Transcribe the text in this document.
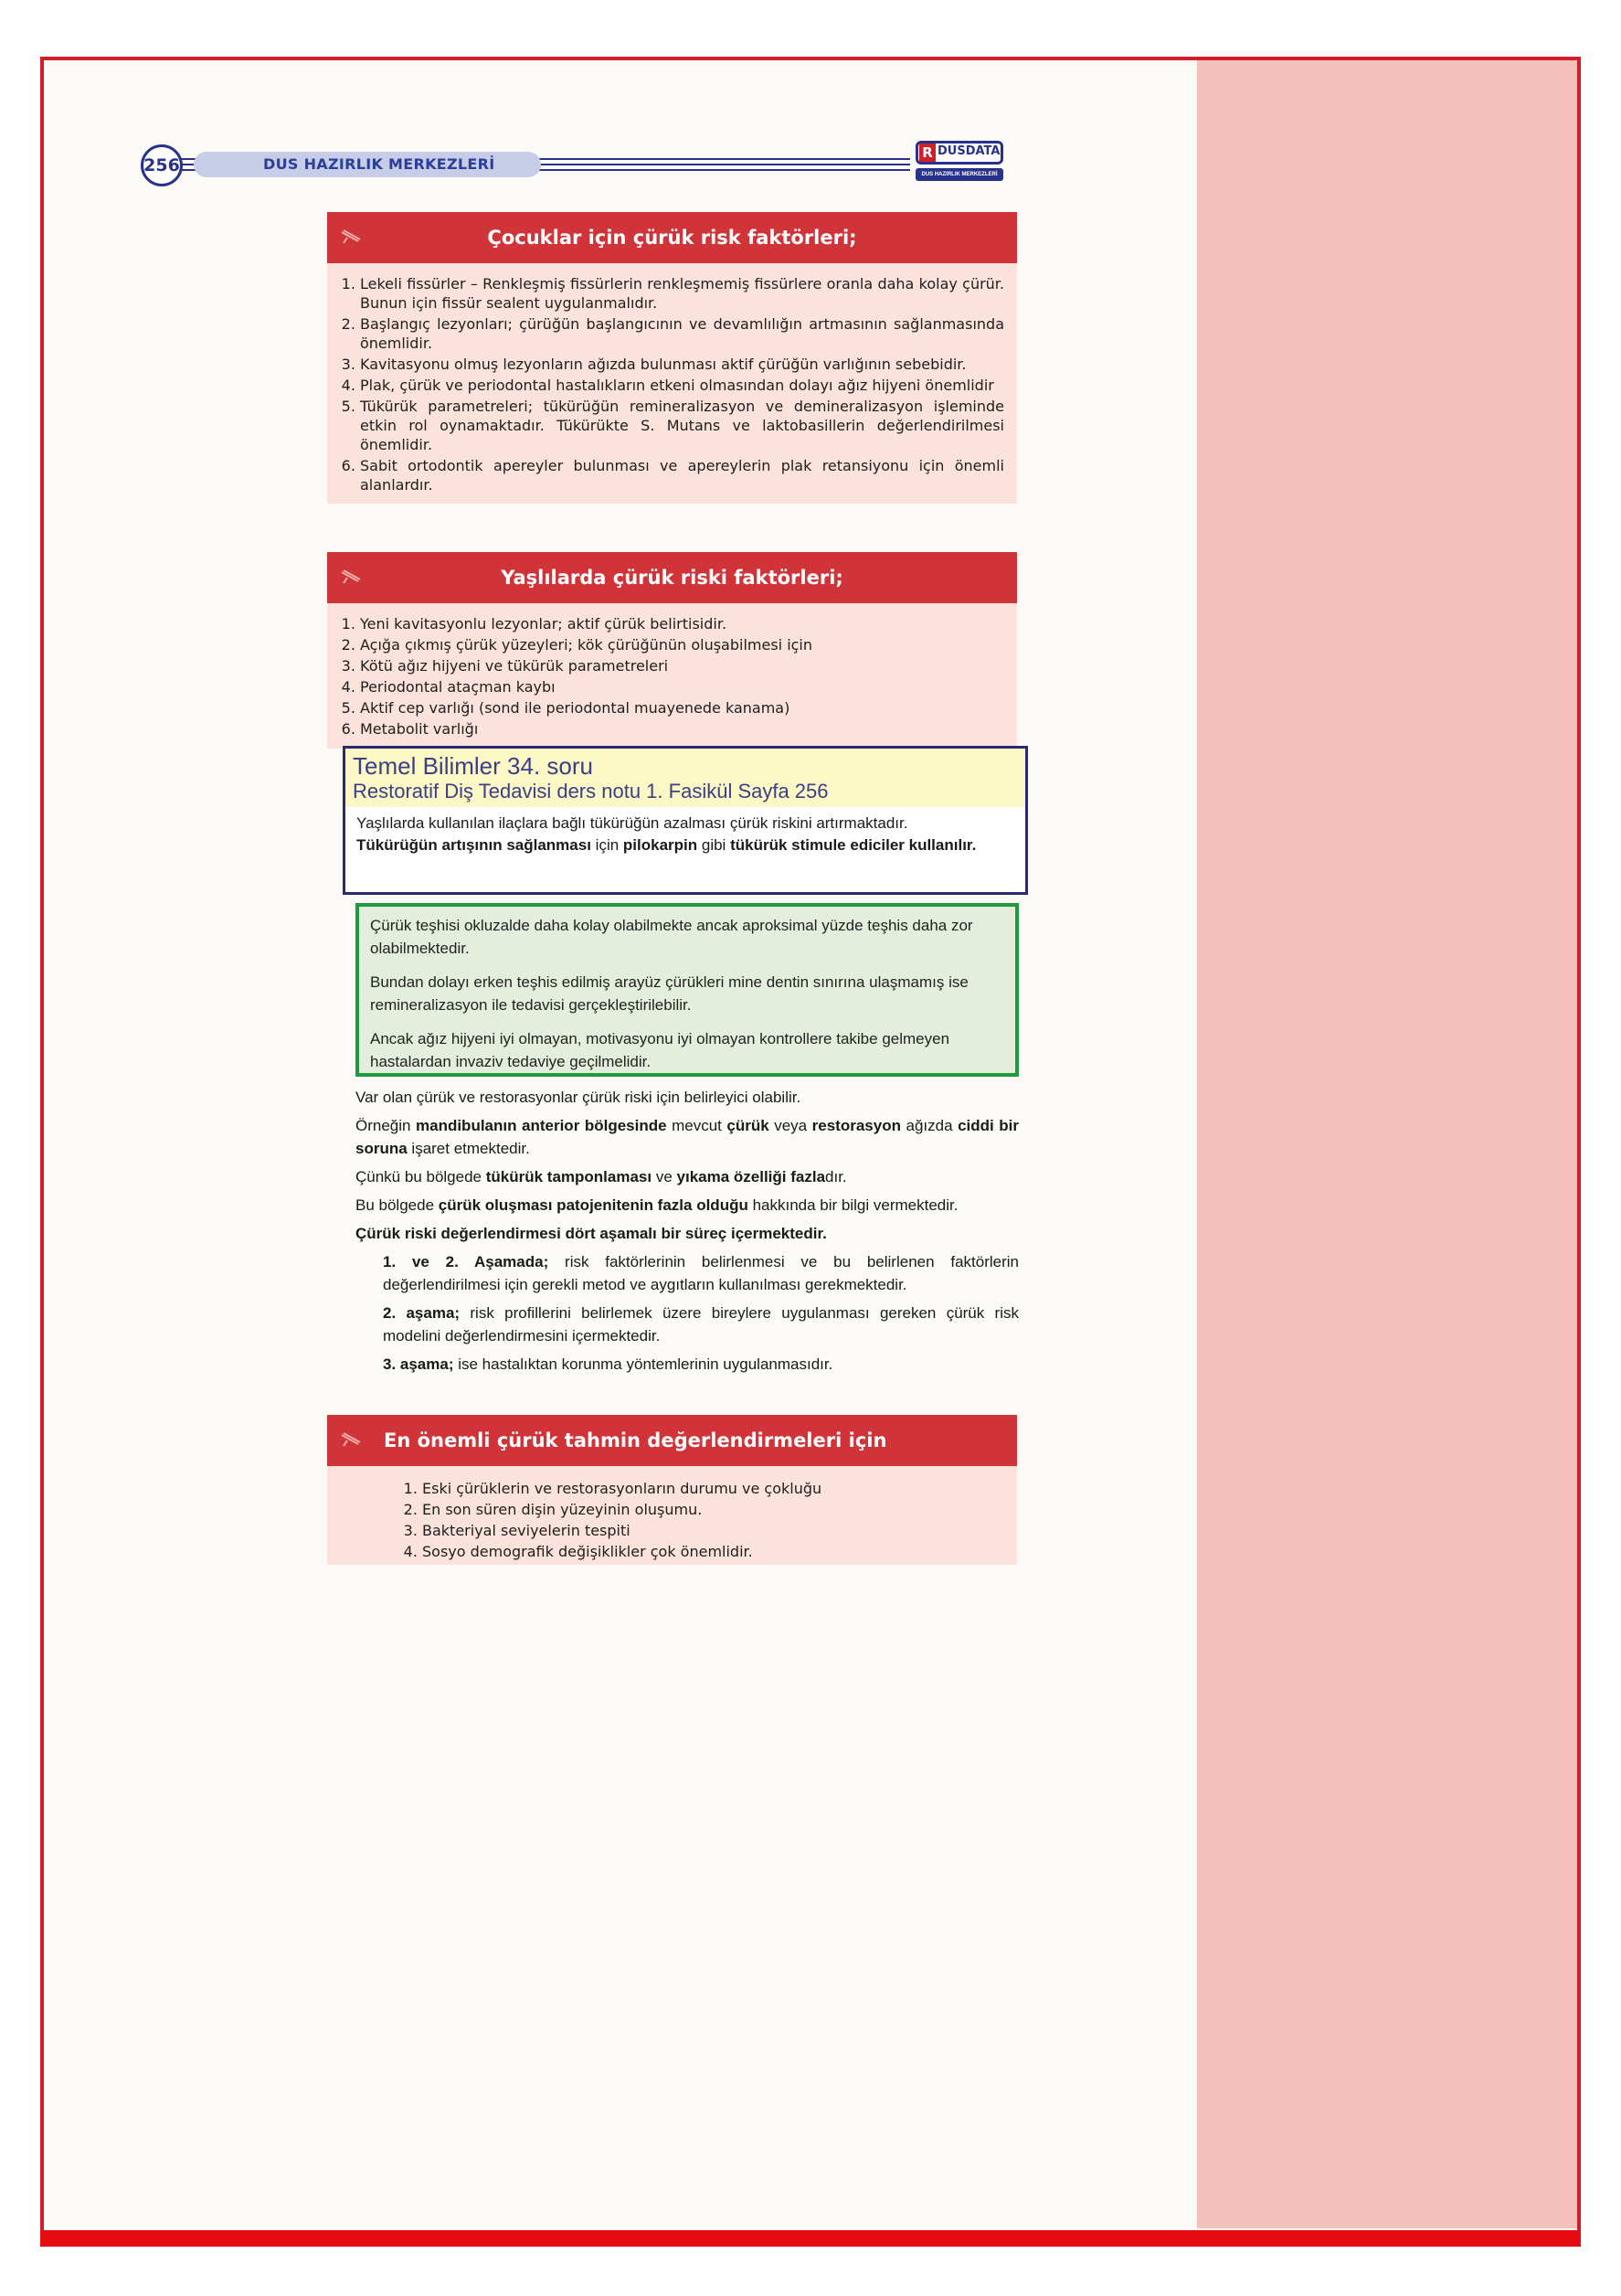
256	DUS HAZIRLIK MERKEZLERİ
R DUSDATA
DUS HAZIRLIK MERKEZLERİ
Çocuklar için çürük risk faktörleri;
1. Lekeli fissürler – Renkleşmiş fissürlerin renkleşmemiş fissürlere oranla daha kolay çürür. Bunun için fissür sealent uygulanmalıdır.
2. Başlangıç lezyonları; çürüğün başlangıcının ve devamlılığın artmasının sağlanmasında önemlidir.
3. Kavitasyonu olmuş lezyonların ağızda bulunması aktif çürüğün varlığının sebebidir.
4. Plak, çürük ve periodontal hastalıkların etkeni olmasından dolayı ağız hijyeni önemlidir
5. Tükürük parametreleri; tükürüğün remineralizasyon ve demineralizasyon işleminde etkin rol oynamaktadır. Tükürükte S. Mutans ve laktobasillerin değerlendirilmesi önemlidir.
6. Sabit ortodontik apereyler bulunması ve apereylerin plak retansiyonu için önemli alanlardır.
Yaşlılarda çürük riski faktörleri;
1. Yeni kavitasyonlu lezyonlar; aktif çürük belirtisidir.
2. Açığa çıkmış çürük yüzeyleri; kök çürüğünün oluşabilmesi için
3. Kötü ağız hijyeni ve tükürük parametreleri
4. Periodontal ataçman kaybı
5. Aktif cep varlığı (sond ile periodontal muayenede kanama)
6. Metabolit varlığı
Temel Bilimler 34. soru
Restoratif Diş Tedavisi ders notu 1. Fasikül Sayfa 256
Yaşlılarda kullanılan ilaçlara bağlı tükürüğün azalması çürük riskini artırmaktadır.
Tükürüğün artışının sağlanması için pilokarpin gibi tükürük stimule ediciler kullanılır.

Çürük teşhisi okluzalde daha kolay olabilmekte ancak aproksimal yüzde teşhis daha zor olabilmektedir.

Bundan dolayı erken teşhis edilmiş arayüz çürükleri mine dentin sınırına ulaşmamış ise remineralizasyon ile tedavisi gerçekleştirilebilir.

Ancak ağız hijyeni iyi olmayan, motivasyonu iyi olmayan kontrollere takibe gelmeyen hastalardan invaziv tedaviye geçilmelidir.

Var olan çürük ve restorasyonlar çürük riski için belirleyici olabilir.

Örneğin mandibulanın anterior bölgesinde mevcut çürük veya restorasyon ağızda ciddi bir soruna işaret etmektedir.

Çünkü bu bölgede tükürük tamponlaması ve yıkama özelliği fazladır.

Bu bölgede çürük oluşması patojenitenin fazla olduğu hakkında bir bilgi vermektedir.

Çürük riski değerlendirmesi dört aşamalı bir süreç içermektedir.

1. ve 2. Aşamada; risk faktörlerinin belirlenmesi ve bu belirlenen faktörlerin değerlendirilmesi için gerekli metod ve aygıtların kullanılması gerekmektedir.

2. aşama; risk profillerini belirlemek üzere bireylere uygulanması gereken çürük risk modelini değerlendirmesini içermektedir.

3. aşama; ise hastalıktan korunma yöntemlerinin uygulanmasıdır.

En önemli çürük tahmin değerlendirmeleri için
1. Eski çürüklerin ve restorasyonların durumu ve çokluğu
2. En son süren dişin yüzeyinin oluşumu.
3. Bakteriyal seviyelerin tespiti
4. Sosyo demografik değişiklikler çok önemlidir.
